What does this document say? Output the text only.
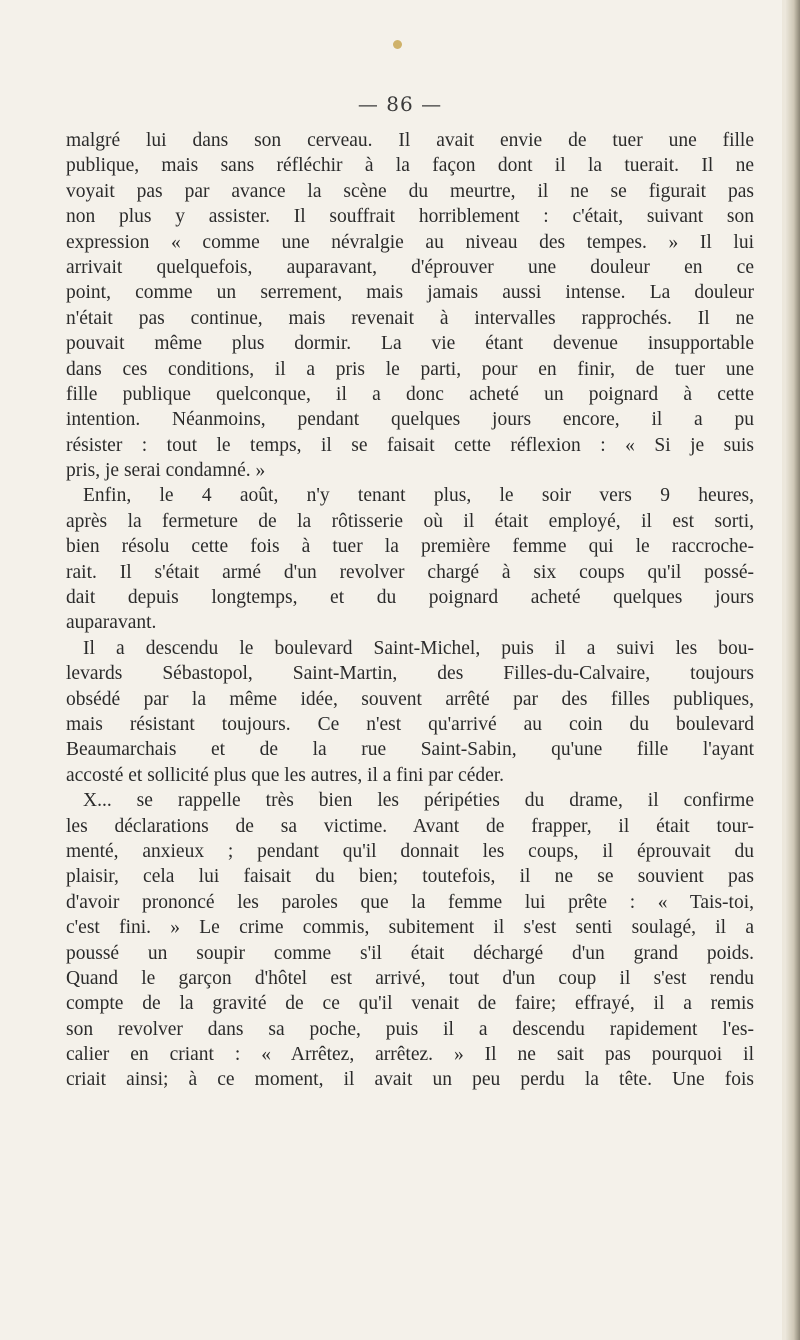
— 86 —
malgré lui dans son cerveau. Il avait envie de tuer une fille
publique, mais sans réfléchir à la façon dont il la tuerait. Il ne
voyait pas par avance la scène du meurtre, il ne se figurait pas
non plus y assister. Il souffrait horriblement : c'était, suivant son
expression « comme une névralgie au niveau des tempes. » Il lui
arrivait quelquefois, auparavant, d'éprouver une douleur en ce
point, comme un serrement, mais jamais aussi intense. La douleur
n'était pas continue, mais revenait à intervalles rapprochés. Il ne
pouvait même plus dormir. La vie étant devenue insupportable
dans ces conditions, il a pris le parti, pour en finir, de tuer une
fille publique quelconque, il a donc acheté un poignard à cette
intention. Néanmoins, pendant quelques jours encore, il a pu
résister : tout le temps, il se faisait cette réflexion : « Si je suis
pris, je serai condamné. »
Enfin, le 4 août, n'y tenant plus, le soir vers 9 heures,
après la fermeture de la rôtisserie où il était employé, il est sorti,
bien résolu cette fois à tuer la première femme qui le raccroche-
rait. Il s'était armé d'un revolver chargé à six coups qu'il possé-
dait depuis longtemps, et du poignard acheté quelques jours
auparavant.
Il a descendu le boulevard Saint-Michel, puis il a suivi les bou-
levards Sébastopol, Saint-Martin, des Filles-du-Calvaire, toujours
obsédé par la même idée, souvent arrêté par des filles publiques,
mais résistant toujours. Ce n'est qu'arrivé au coin du boulevard
Beaumarchais et de la rue Saint-Sabin, qu'une fille l'ayant
accosté et sollicité plus que les autres, il a fini par céder.
X... se rappelle très bien les péripéties du drame, il confirme
les déclarations de sa victime. Avant de frapper, il était tour-
menté, anxieux ; pendant qu'il donnait les coups, il éprouvait du
plaisir, cela lui faisait du bien; toutefois, il ne se souvient pas
d'avoir prononcé les paroles que la femme lui prête : « Tais-toi,
c'est fini. » Le crime commis, subitement il s'est senti soulagé, il a
poussé un soupir comme s'il était déchargé d'un grand poids.
Quand le garçon d'hôtel est arrivé, tout d'un coup il s'est rendu
compte de la gravité de ce qu'il venait de faire; effrayé, il a remis
son revolver dans sa poche, puis il a descendu rapidement l'es-
calier en criant : « Arrêtez, arrêtez. » Il ne sait pas pourquoi il
criait ainsi; à ce moment, il avait un peu perdu la tête. Une fois
